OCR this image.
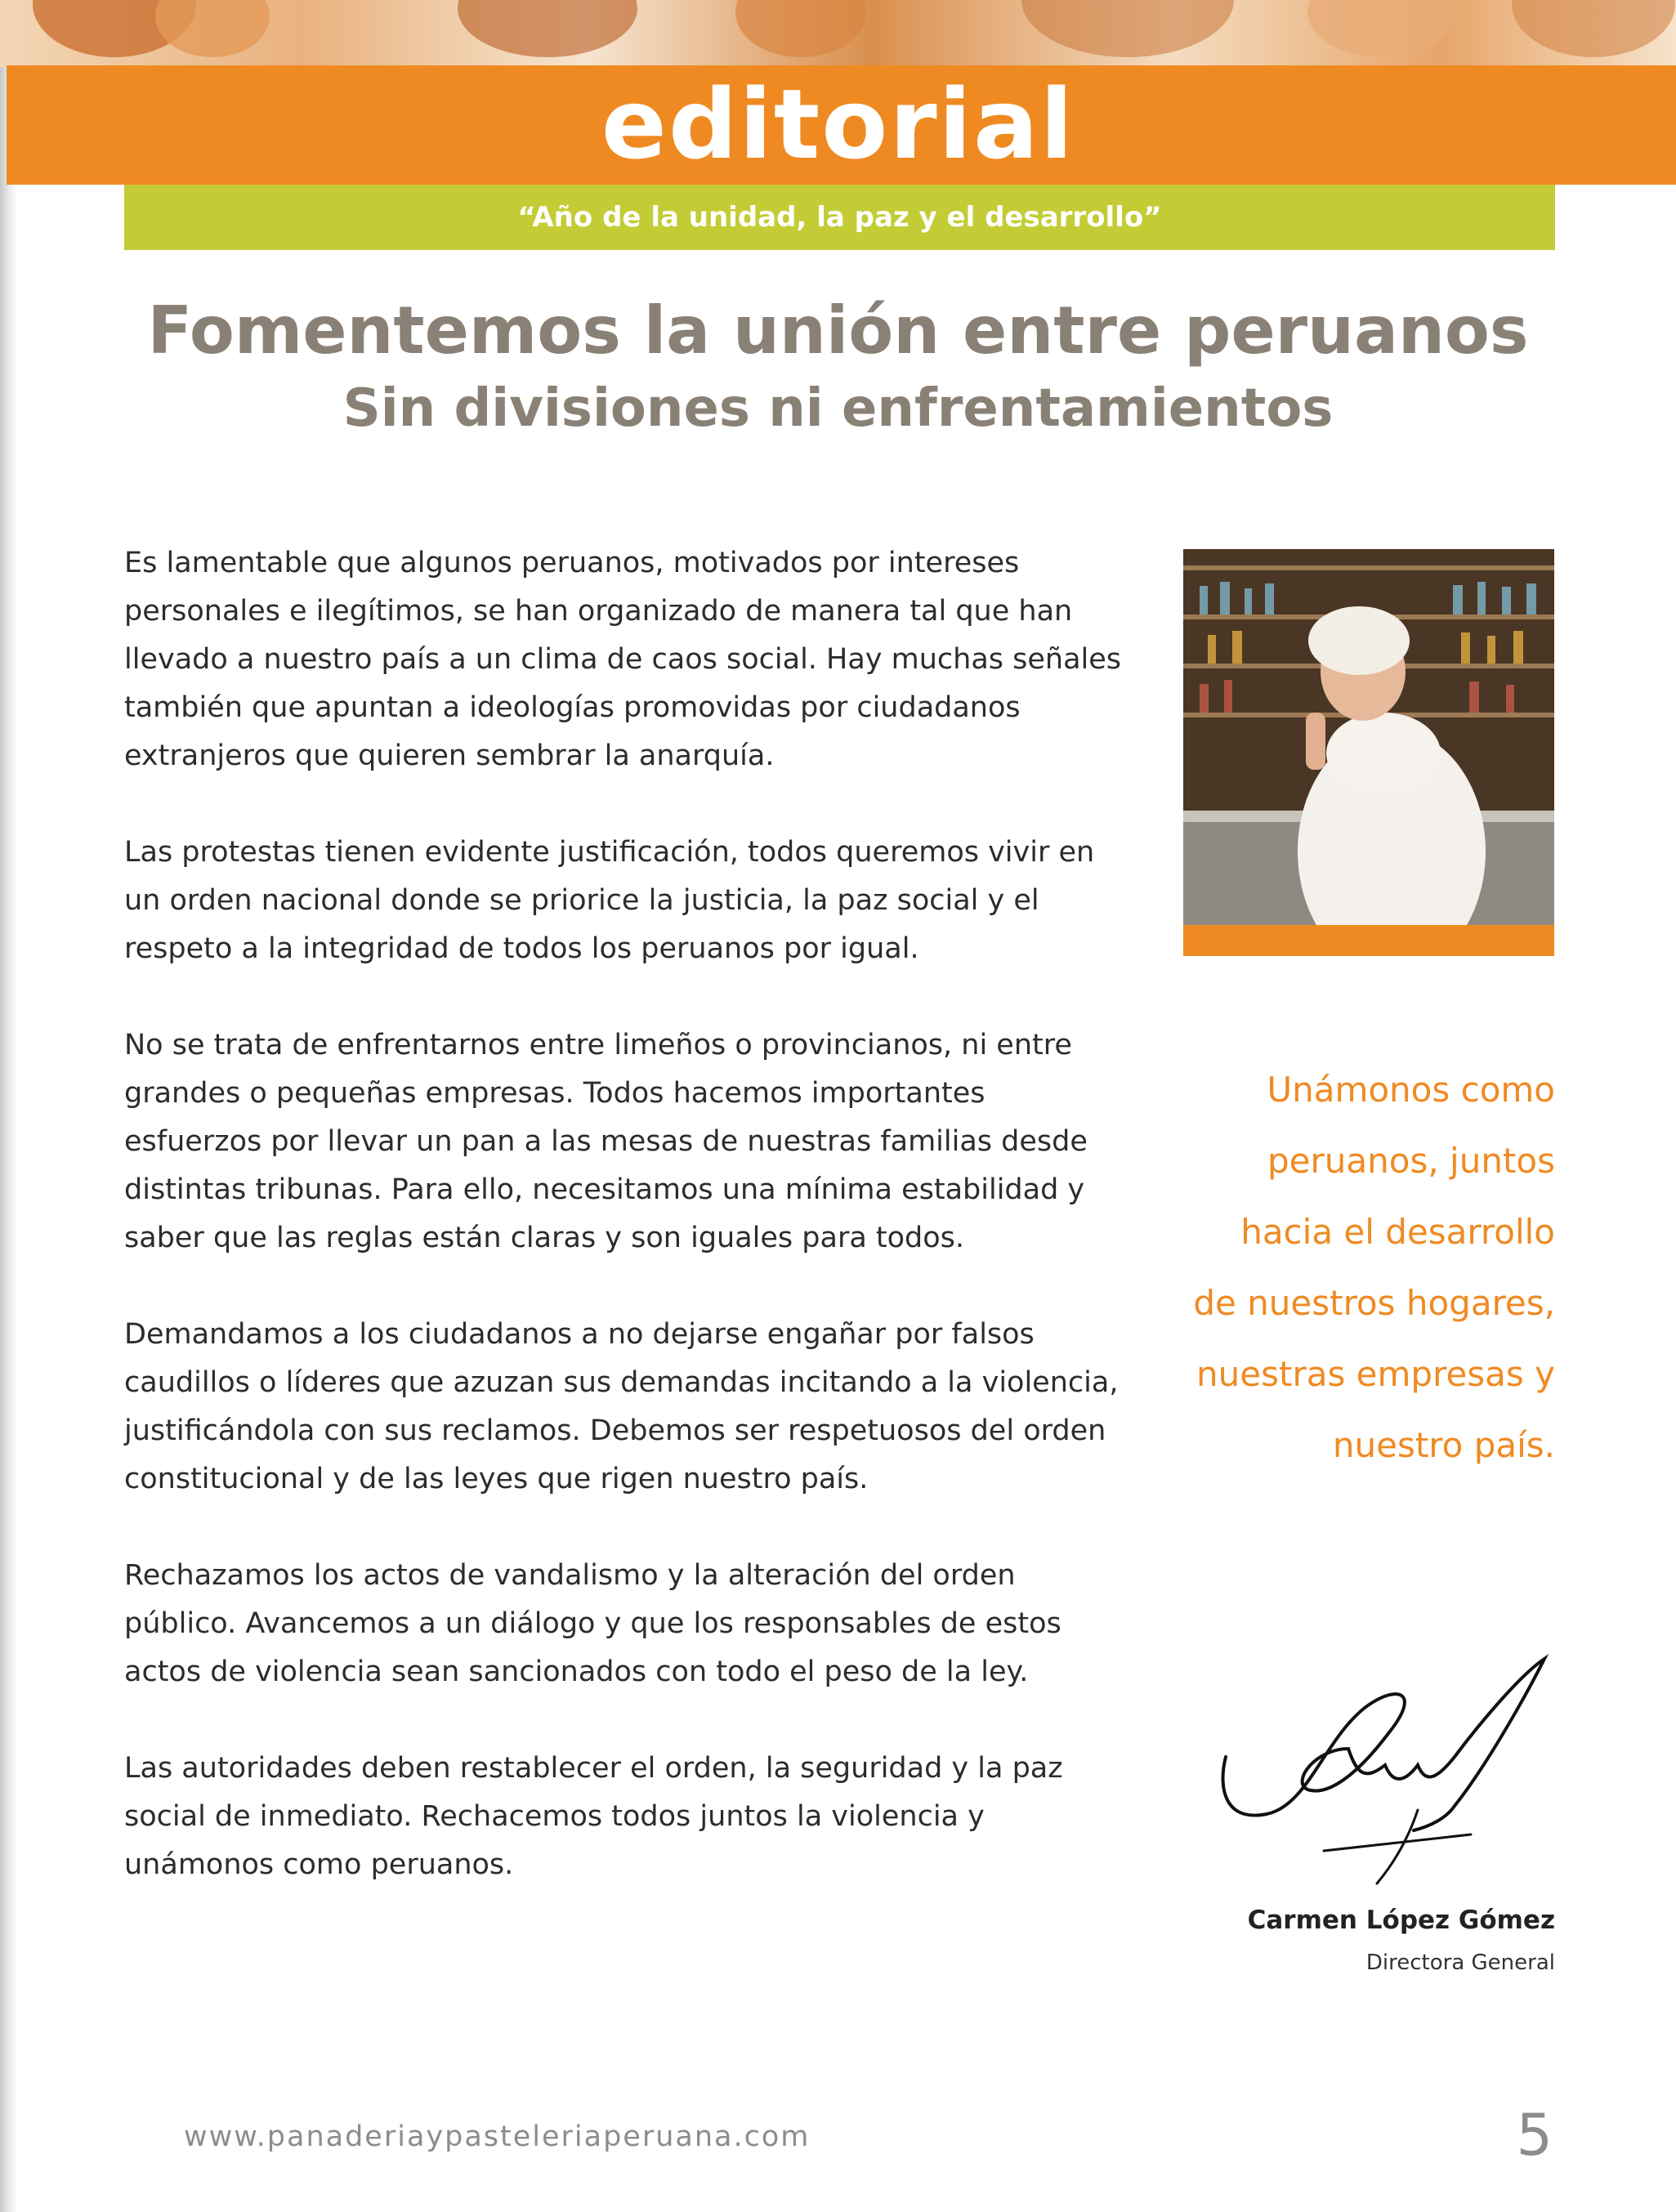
editorial
“Año de la unidad, la paz y el desarrollo”
Fomentemos la unión entre peruanos
Sin divisiones ni enfrentamientos

Es lamentable que algunos peruanos, motivados por intereses personales e ilegítimos, se han organizado de manera tal que han llevado a nuestro país a un clima de caos social. Hay muchas señales también que apuntan a ideologías promovidas por ciudadanos extranjeros que quieren sembrar la anarquía.

Las protestas tienen evidente justificación, todos queremos vivir en un orden nacional donde se priorice la justicia, la paz social y el respeto a la integridad de todos los peruanos por igual.

No se trata de enfrentarnos entre limeños o provincianos, ni entre grandes o pequeñas empresas. Todos hacemos importantes esfuerzos por llevar un pan a las mesas de nuestras familias desde distintas tribunas. Para ello, necesitamos una mínima estabilidad y saber que las reglas están claras y son iguales para todos.

Demandamos a los ciudadanos a no dejarse engañar por falsos caudillos o líderes que azuzan sus demandas incitando a la violencia, justificándola con sus reclamos. Debemos ser respetuosos del orden constitucional y de las leyes que rigen nuestro país.

Rechazamos los actos de vandalismo y la alteración del orden público. Avancemos a un diálogo y que los responsables de estos actos de violencia sean sancionados con todo el peso de la ley.

Las autoridades deben restablecer el orden, la seguridad y la paz social de inmediato. Rechacemos todos juntos la violencia y unámonos como peruanos.

Unámonos como
peruanos, juntos
hacia el desarrollo
de nuestros hogares,
nuestras empresas y
nuestro país.
Carmen López Gómez
Directora General
www.panaderiaypasteleriaperuana.com	5
